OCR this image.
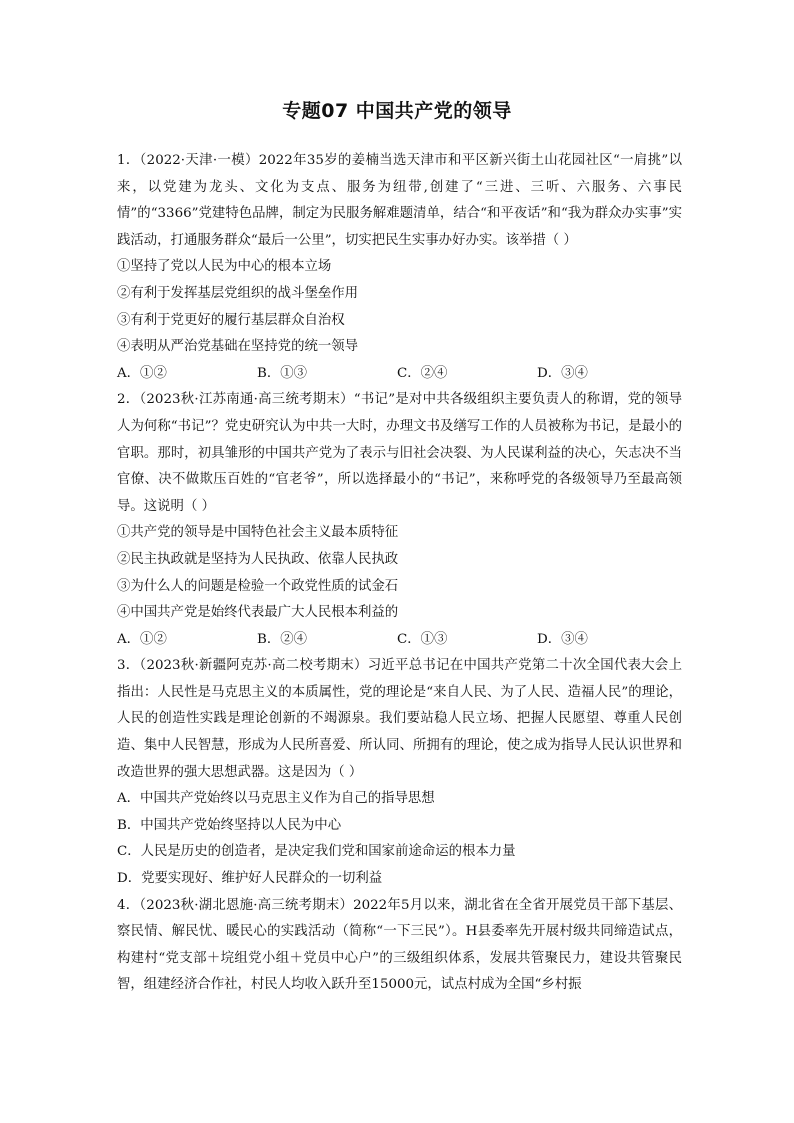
专题07 中国共产党的领导
1．（2022·天津·一模）2022年35岁的姜楠当选天津市和平区新兴街土山花园社区“一肩挑”以来，以党建为龙头、文化为支点、服务为纽带,创建了“三进、三听、六服务、六事民情”的“3366”党建特色品牌，制定为民服务解难题清单，结合“和平夜话”和“我为群众办实事”实践活动，打通服务群众“最后一公里”，切实把民生实事办好办实。该举措（ ）
①坚持了党以人民为中心的根本立场
②有利于发挥基层党组织的战斗堡垒作用
③有利于党更好的履行基层群众自治权
④表明从严治党基础在坚持党的统一领导
A．①②	B．①③	C．②④	D．③④
2．（2023秋·江苏南通·高三统考期末）“书记”是对中共各级组织主要负责人的称谓，党的领导人为何称“书记”？党史研究认为中共一大时，办理文书及缮写工作的人员被称为书记，是最小的官职。那时，初具雏形的中国共产党为了表示与旧社会决裂、为人民谋利益的决心，矢志决不当官僚、决不做欺压百姓的“官老爷”，所以选择最小的“书记”，来称呼党的各级领导乃至最高领导。这说明（ ）
①共产党的领导是中国特色社会主义最本质特征
②民主执政就是坚持为人民执政、依靠人民执政
③为什么人的问题是检验一个政党性质的试金石
④中国共产党是始终代表最广大人民根本利益的
A．①②	B．②④	C．①③	D．③④
3．（2023秋·新疆阿克苏·高二校考期末）习近平总书记在中国共产党第二十次全国代表大会上指出：人民性是马克思主义的本质属性，党的理论是“来自人民、为了人民、造福人民”的理论，人民的创造性实践是理论创新的不竭源泉。我们要站稳人民立场、把握人民愿望、尊重人民创造、集中人民智慧，形成为人民所喜爱、所认同、所拥有的理论，使之成为指导人民认识世界和改造世界的强大思想武器。这是因为（ ）
A．中国共产党始终以马克思主义作为自己的指导思想
B．中国共产党始终坚持以人民为中心
C．人民是历史的创造者，是决定我们党和国家前途命运的根本力量
D．党要实现好、维护好人民群众的一切利益
4．（2023秋·湖北恩施·高三统考期末）2022年5月以来，湖北省在全省开展党员干部下基层、察民情、解民忧、暖民心的实践活动（简称“一下三民”）。H县委率先开展村级共同缔造试点，构建村“党支部＋垸组党小组＋党员中心户”的三级组织体系，发展共管聚民力，建设共管聚民智，组建经济合作社，村民人均收入跃升至15000元，试点村成为全国“乡村振
